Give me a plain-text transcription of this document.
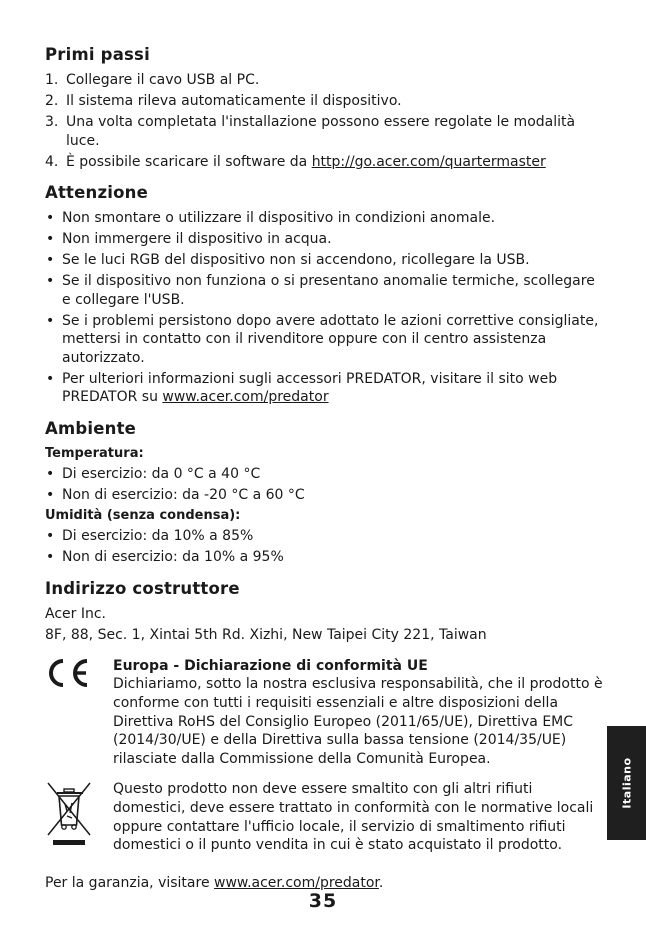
Primi passi
1. Collegare il cavo USB al PC.
2. Il sistema rileva automaticamente il dispositivo.
3. Una volta completata l'installazione possono essere regolate le modalità luce.
4. È possibile scaricare il software da http://go.acer.com/quartermaster
Attenzione
• Non smontare o utilizzare il dispositivo in condizioni anomale.
• Non immergere il dispositivo in acqua.
• Se le luci RGB del dispositivo non si accendono, ricollegare la USB.
• Se il dispositivo non funziona o si presentano anomalie termiche, scollegare e collegare l'USB.
• Se i problemi persistono dopo avere adottato le azioni correttive consigliate, mettersi in contatto con il rivenditore oppure con il centro assistenza autorizzato.
• Per ulteriori informazioni sugli accessori PREDATOR, visitare il sito web PREDATOR su www.acer.com/predator
Ambiente
Temperatura:
• Di esercizio: da 0 °C a 40 °C
• Non di esercizio: da -20 °C a 60 °C
Umidità (senza condensa):
• Di esercizio: da 10% a 85%
• Non di esercizio: da 10% a 95%
Indirizzo costruttore
Acer Inc.
8F, 88, Sec. 1, Xintai 5th Rd. Xizhi, New Taipei City 221, Taiwan
Europa - Dichiarazione di conformità UE
Dichiariamo, sotto la nostra esclusiva responsabilità, che il prodotto è conforme con tutti i requisiti essenziali e altre disposizioni della Direttiva RoHS del Consiglio Europeo (2011/65/UE), Direttiva EMC (2014/30/UE) e della Direttiva sulla bassa tensione (2014/35/UE) rilasciate dalla Commissione della Comunità Europea.
Questo prodotto non deve essere smaltito con gli altri rifiuti domestici, deve essere trattato in conformità con le normative locali oppure contattare l'ufficio locale, il servizio di smaltimento rifiuti domestici o il punto vendita in cui è stato acquistato il prodotto.
Per la garanzia, visitare www.acer.com/predator.
35
Italiano
